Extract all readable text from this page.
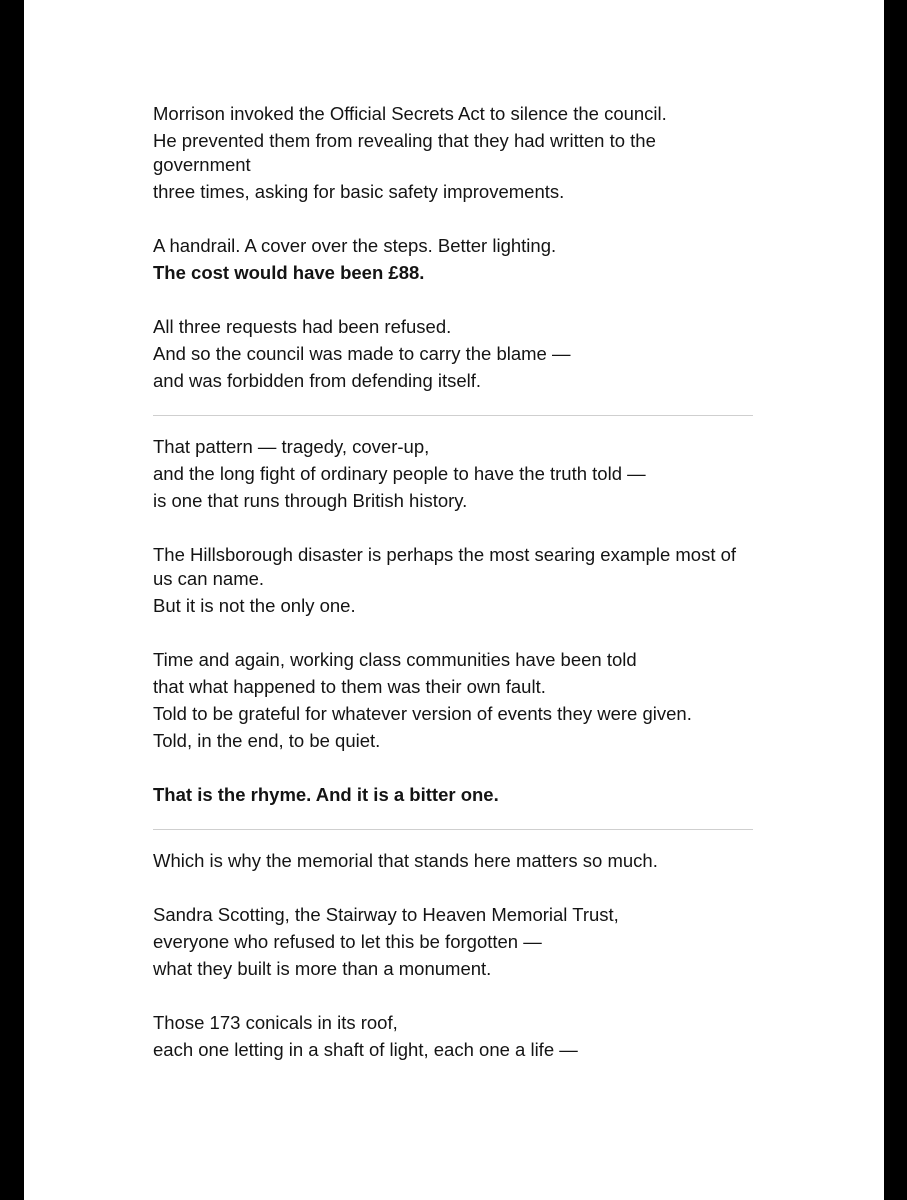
Morrison invoked the Official Secrets Act to silence the council.
He prevented them from revealing that they had written to the government
three times, asking for basic safety improvements.

A handrail. A cover over the steps. Better lighting.
The cost would have been £88.

All three requests had been refused.
And so the council was made to carry the blame —
and was forbidden from defending itself.

That pattern — tragedy, cover-up,
and the long fight of ordinary people to have the truth told —
is one that runs through British history.

The Hillsborough disaster is perhaps the most searing example most of us can name.
But it is not the only one.

Time and again, working class communities have been told
that what happened to them was their own fault.
Told to be grateful for whatever version of events they were given.
Told, in the end, to be quiet.

That is the rhyme. And it is a bitter one.

Which is why the memorial that stands here matters so much.

Sandra Scotting, the Stairway to Heaven Memorial Trust,
everyone who refused to let this be forgotten —
what they built is more than a monument.

Those 173 conicals in its roof,
each one letting in a shaft of light, each one a life —
